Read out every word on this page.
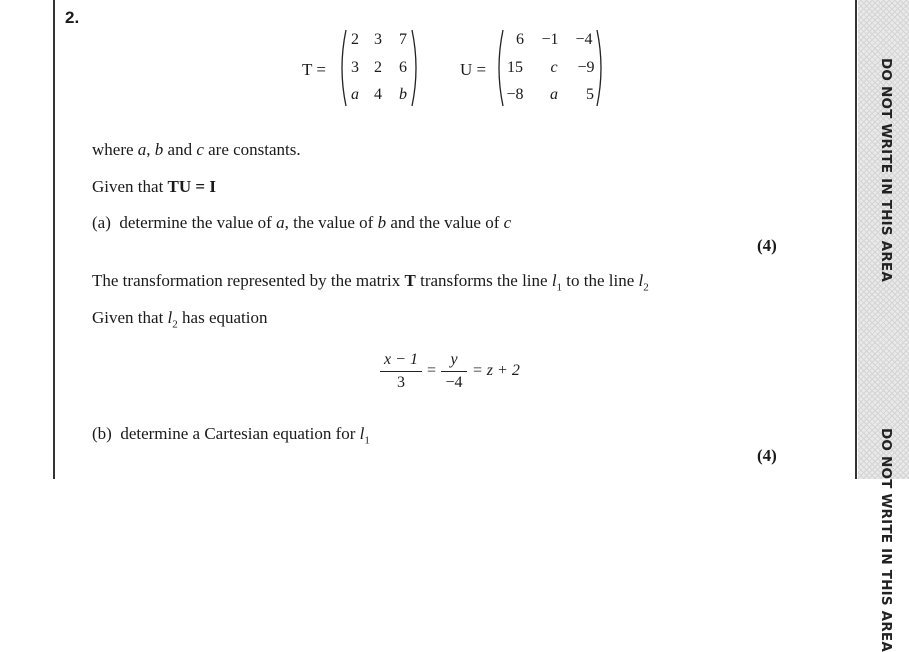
2.
T =
2 3	7
3 2	6
a 4	b
U =
6	−1 −4
15	c	−9
−8	a	5
where a, b and c are constants.
Given that TU = I
(a) determine the value of a, the value of b and the value of c
(4)
The transformation represented by the matrix T transforms the line $l_1$ to the line $l_2$
Given that $l_2$ has equation
x − 1
3
=
y
−4
= z + 2
(b) determine a Cartesian equation for $l_1$
(4)
DO NOT WRITE IN THIS AREA
DO NOT WRITE IN THIS AREA
